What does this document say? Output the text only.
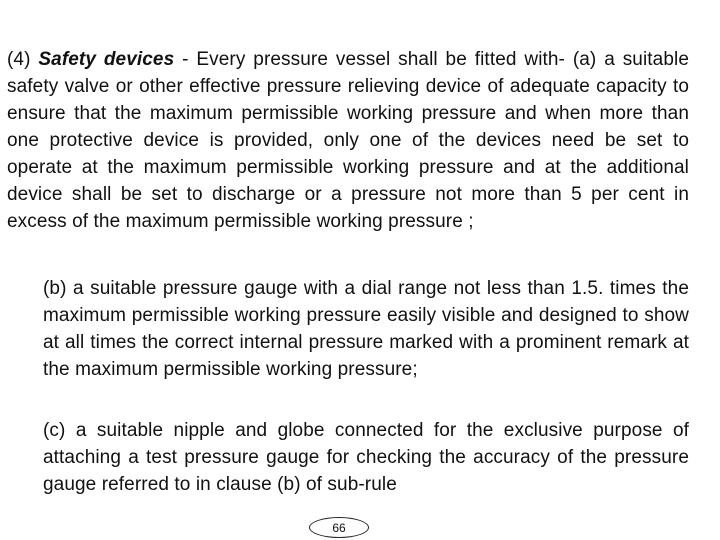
(4) Safety devices - Every pressure vessel shall be fitted with- (a) a suitable safety valve or other effective pressure relieving device of adequate capacity to ensure that the maximum permissible working pressure and when more than one protective device is provided, only one of the devices need be set to operate at the maximum permissible working pressure and at the additional device shall be set to discharge or a pressure not more than 5 per cent in excess of the maximum permissible working pressure ;

(b) a suitable pressure gauge with a dial range not less than 1.5. times the maximum permissible working pressure easily visible and designed to show at all times the correct internal pressure marked with a prominent remark at the maximum permissible working pressure;

(c) a suitable nipple and globe connected for the exclusive purpose of attaching a test pressure gauge for checking the accuracy of the pressure gauge referred to in clause (b) of sub-rule

66
